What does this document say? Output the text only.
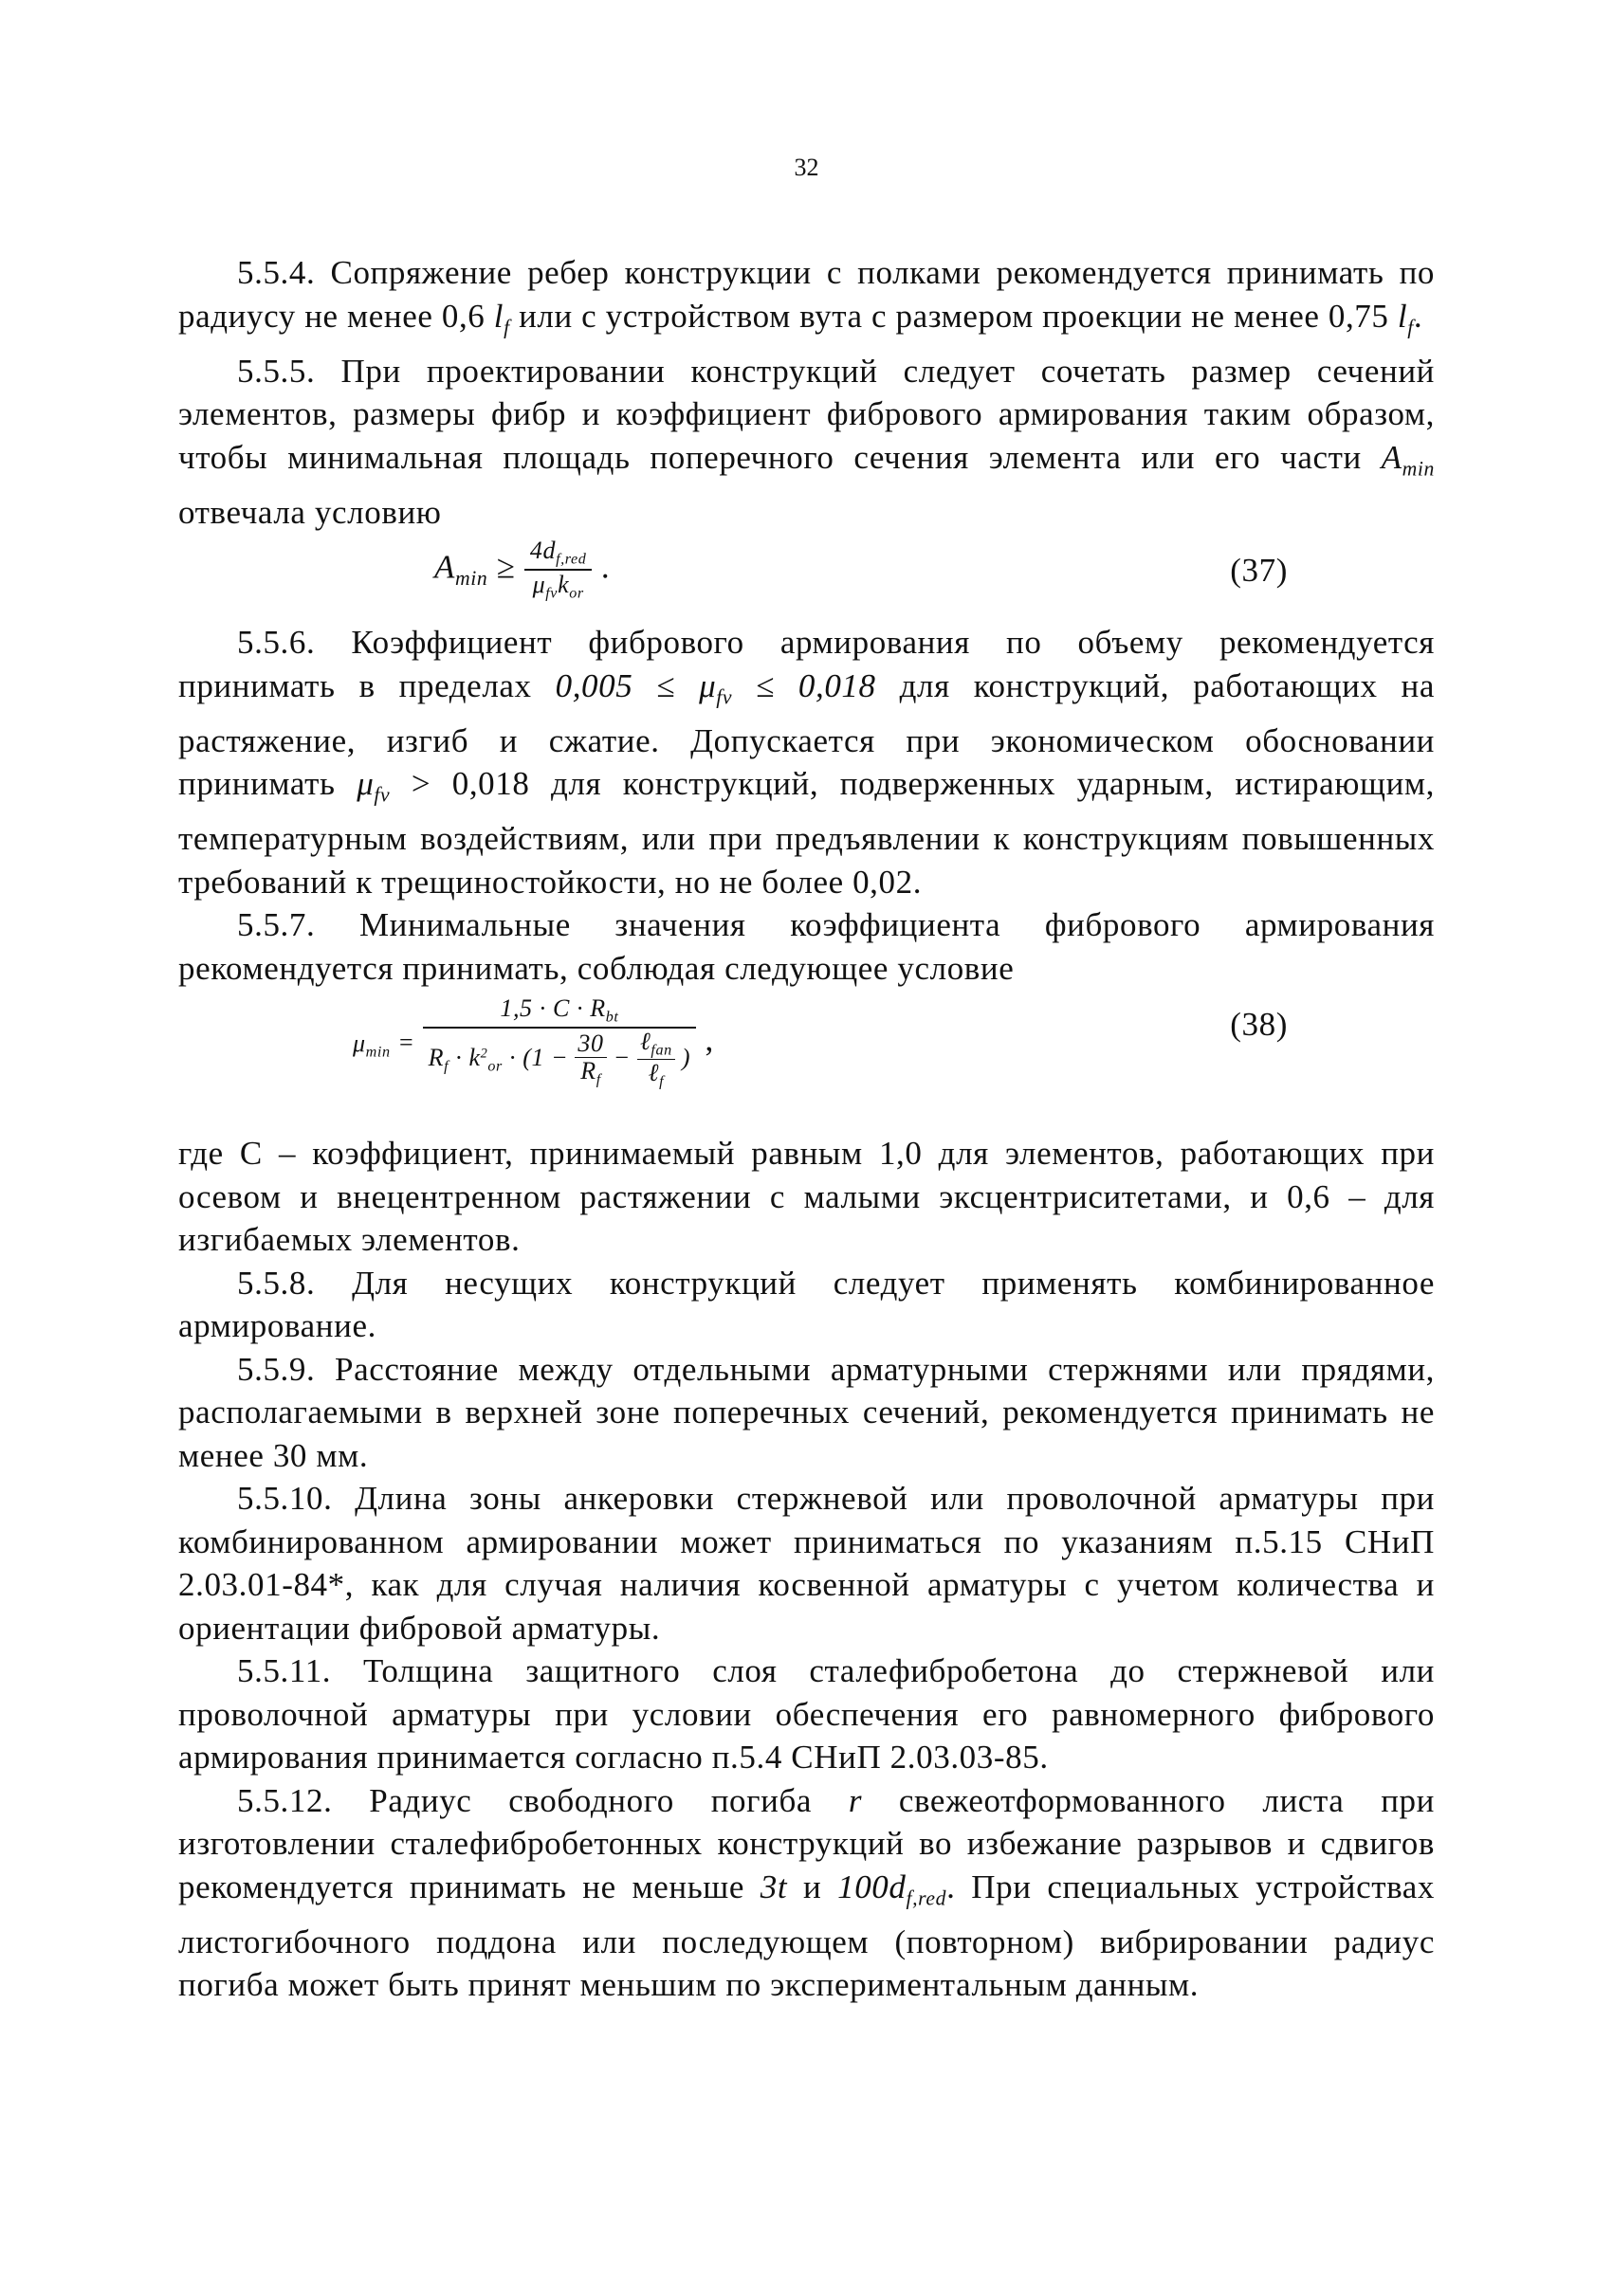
32

5.5.4. Сопряжение ребер конструкции с полками рекомендуется принимать по радиусу не менее 0,6 $l_f$ или с устройством вута с размером проекции не менее 0,75 $l_f$.

5.5.5. При проектировании конструкций следует сочетать размер сечений элементов, размеры фибр и коэффициент фибрового армирования таким образом, чтобы минимальная площадь поперечного сечения элемента или его части $A_{min}$ отвечала условию

$A_{min} \ge \frac{4d_{f,red}}{\mu_{fv}k_{or}}$ .	(37)

5.5.6. Коэффициент фибрового армирования по объему рекомендуется принимать в пределах $0,005 \le \mu_{fv} \le 0,018$ для конструкций, работающих на растяжение, изгиб и сжатие. Допускается при экономическом обосновании принимать $\mu_{fv} > 0,018$ для конструкций, подверженных ударным, истирающим, температурным воздействиям, или при предъявлении к конструкциям повышенных требований к трещиностойкости, но не более 0,02.

5.5.7. Минимальные значения коэффициента фибрового армирования рекомендуется принимать, соблюдая следующее условие

$\mu_{min}$ =
$1,5 \cdot C \cdot R_{bt}$
$R_f \cdot k^2_{or} \cdot (1 - \frac{30}{R_f}$ −
ℓ$_{fan}$
ℓ$_f$
) ,	(38)

где С – коэффициент, принимаемый равным 1,0 для элементов, работающих при осевом и внецентренном растяжении с малыми эксцентриситетами, и 0,6 – для изгибаемых элементов.

5.5.8. Для несущих конструкций следует применять комбинированное армирование.

5.5.9. Расстояние между отдельными арматурными стержнями или прядями, располагаемыми в верхней зоне поперечных сечений, рекомендуется принимать не менее 30 мм.

5.5.10. Длина зоны анкеровки стержневой или проволочной арматуры при комбинированном армировании может приниматься по указаниям п.5.15 СНиП 2.03.01-84*, как для случая наличия косвенной арматуры с учетом количества и ориентации фибровой арматуры.

5.5.11. Толщина защитного слоя сталефибробетона до стержневой или проволочной арматуры при условии обеспечения его равномерного фибрового армирования принимается согласно п.5.4 СНиП 2.03.03-85.

5.5.12. Радиус свободного погиба r свежеотформованного листа при изготовлении сталефибробетонных конструкций во избежание разрывов и сдвигов рекомендуется принимать не меньше 3t и $100d_{f,red}$. При специальных устройствах листогибочного поддона или последующем (повторном) вибрировании радиус погиба может быть принят меньшим по экспериментальным данным.
